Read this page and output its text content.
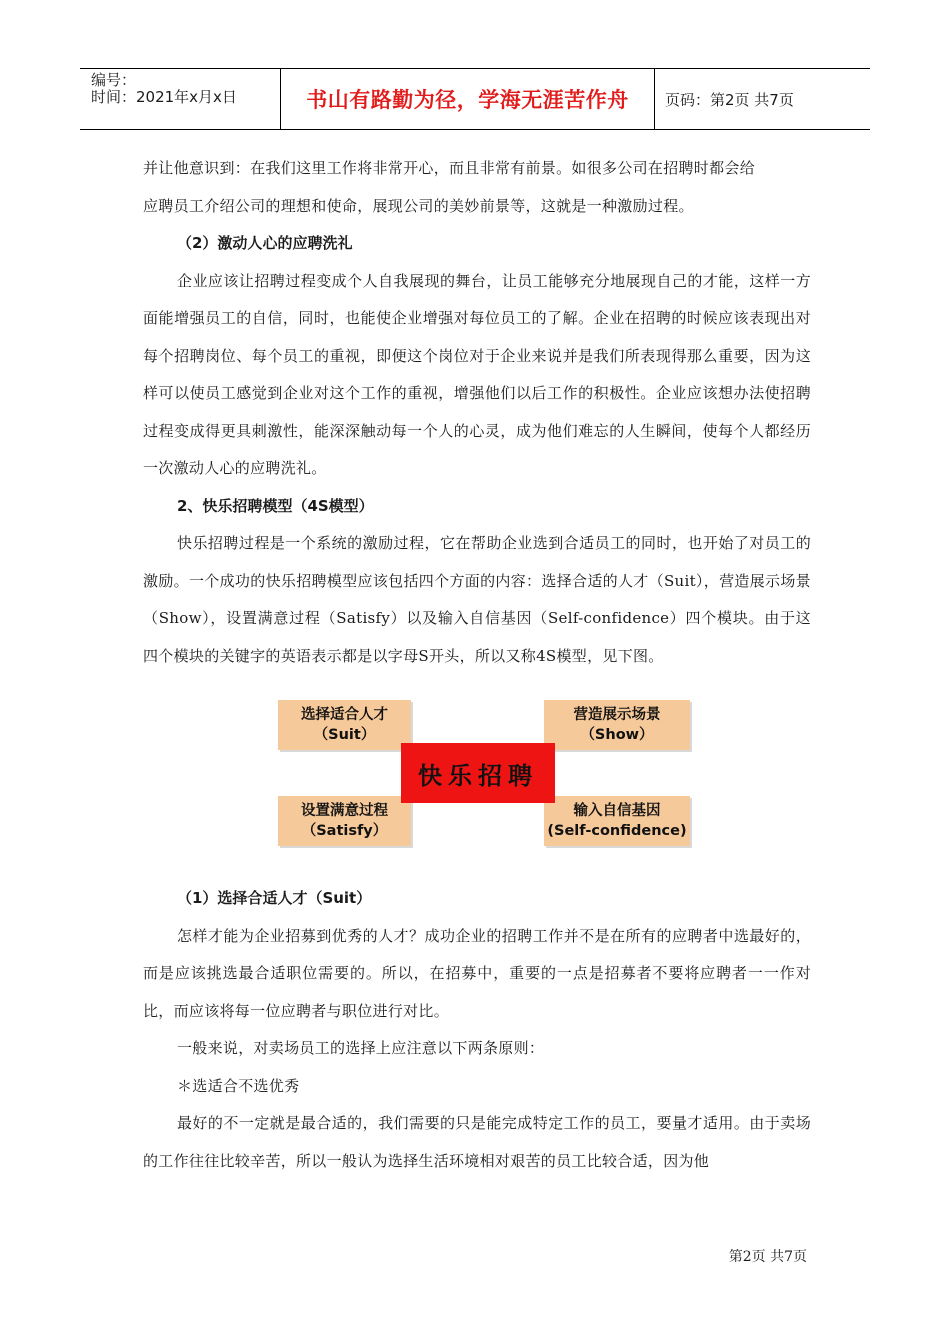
编号：
时间：2021年x月x日	书山有路勤为径，学海无涯苦作舟	页码：第2页 共7页

并让他意识到：在我们这里工作将非常开心，而且非常有前景。如很多公司在招聘时都会给

应聘员工介绍公司的理想和使命，展现公司的美妙前景等，这就是一种激励过程。

（2）激动人心的应聘洗礼

企业应该让招聘过程变成个人自我展现的舞台，让员工能够充分地展现自己的才能，这样一方面能增强员工的自信，同时，也能使企业增强对每位员工的了解。企业在招聘的时候应该表现出对每个招聘岗位、每个员工的重视，即便这个岗位对于企业来说并是我们所表现得那么重要，因为这样可以使员工感觉到企业对这个工作的重视，增强他们以后工作的积极性。企业应该想办法使招聘过程变成得更具刺激性，能深深触动每一个人的心灵，成为他们难忘的人生瞬间，使每个人都经历一次激动人心的应聘洗礼。

2、快乐招聘模型（4S模型）

快乐招聘过程是一个系统的激励过程，它在帮助企业选到合适员工的同时，也开始了对员工的激励。一个成功的快乐招聘模型应该包括四个方面的内容：选择合适的人才（Suit），营造展示场景（Show），设置满意过程（Satisfy）以及输入自信基因（Self-confidence）四个模块。由于这四个模块的关键字的英语表示都是以字母S开头，所以又称4S模型，见下图。

选择适合人才
（Suit）
营造展示场景
（Show）
设置满意过程
（Satisfy）
输入自信基因
(Self-confidence)
快乐招聘

（1）选择合适人才（Suit）

怎样才能为企业招募到优秀的人才？成功企业的招聘工作并不是在所有的应聘者中选最好的，而是应该挑选最合适职位需要的。所以，在招募中，重要的一点是招募者不要将应聘者一一作对比，而应该将每一位应聘者与职位进行对比。

一般来说，对卖场员工的选择上应注意以下两条原则：

＊选适合不选优秀

最好的不一定就是最合适的，我们需要的只是能完成特定工作的员工，要量才适用。由于卖场的工作往往比较辛苦，所以一般认为选择生活环境相对艰苦的员工比较合适，因为他

第2页 共7页
